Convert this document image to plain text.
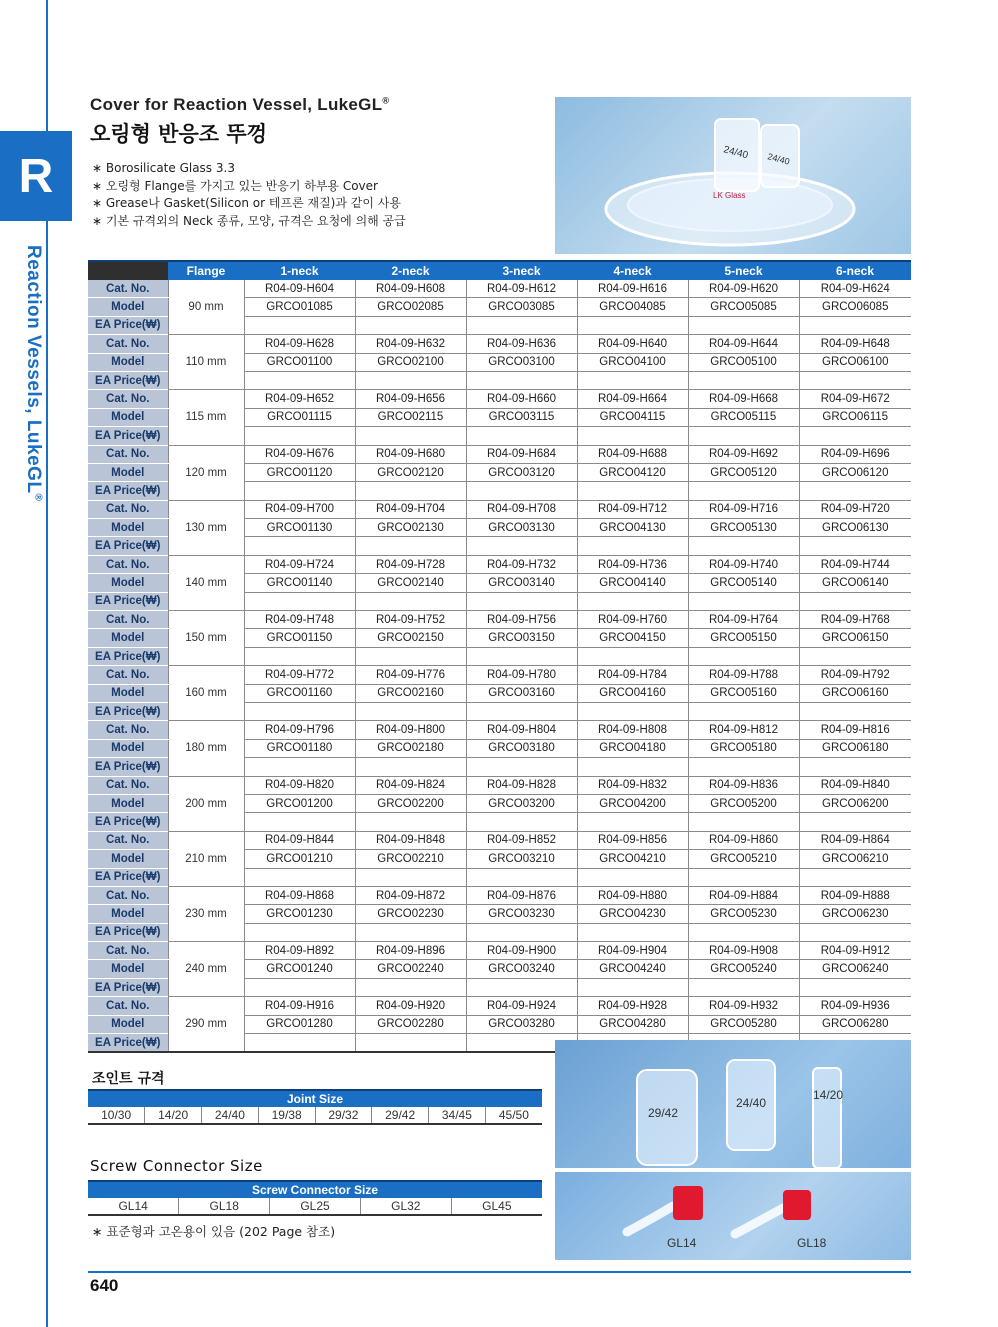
R
Reaction Vessels, LukeGL®
Cover for Reaction Vessel, LukeGL®
오링형 반응조 뚜껑
∗ Borosilicate Glass 3.3
∗ 오링형 Flange를 가지고 있는 반응기 하부용 Cover
∗ Grease나 Gasket(Silicon or 테프론 재질)과 같이 사용
∗ 기본 규격외의 Neck 종류, 모양, 규격은 요청에 의해 공급
24/40 24/40
LK Glass
	Flange	1-neck	2-neck	3-neck	4-neck	5-neck	6-neck
Cat. No.	90 mm	R04-09-H604	R04-09-H608	R04-09-H612	R04-09-H616	R04-09-H620	R04-09-H624
Model		GRCO01085	GRCO02085	GRCO03085	GRCO04085	GRCO05085	GRCO06085
EA Price(₩)							
Cat. No.	110 mm	R04-09-H628	R04-09-H632	R04-09-H636	R04-09-H640	R04-09-H644	R04-09-H648
Model		GRCO01100	GRCO02100	GRCO03100	GRCO04100	GRCO05100	GRCO06100
EA Price(₩)							
Cat. No.	115 mm	R04-09-H652	R04-09-H656	R04-09-H660	R04-09-H664	R04-09-H668	R04-09-H672
Model		GRCO01115	GRCO02115	GRCO03115	GRCO04115	GRCO05115	GRCO06115
EA Price(₩)							
Cat. No.	120 mm	R04-09-H676	R04-09-H680	R04-09-H684	R04-09-H688	R04-09-H692	R04-09-H696
Model		GRCO01120	GRCO02120	GRCO03120	GRCO04120	GRCO05120	GRCO06120
EA Price(₩)							
Cat. No.	130 mm	R04-09-H700	R04-09-H704	R04-09-H708	R04-09-H712	R04-09-H716	R04-09-H720
Model		GRCO01130	GRCO02130	GRCO03130	GRCO04130	GRCO05130	GRCO06130
EA Price(₩)							
Cat. No.	140 mm	R04-09-H724	R04-09-H728	R04-09-H732	R04-09-H736	R04-09-H740	R04-09-H744
Model		GRCO01140	GRCO02140	GRCO03140	GRCO04140	GRCO05140	GRCO06140
EA Price(₩)							
Cat. No.	150 mm	R04-09-H748	R04-09-H752	R04-09-H756	R04-09-H760	R04-09-H764	R04-09-H768
Model		GRCO01150	GRCO02150	GRCO03150	GRCO04150	GRCO05150	GRCO06150
EA Price(₩)							
Cat. No.	160 mm	R04-09-H772	R04-09-H776	R04-09-H780	R04-09-H784	R04-09-H788	R04-09-H792
Model		GRCO01160	GRCO02160	GRCO03160	GRCO04160	GRCO05160	GRCO06160
EA Price(₩)							
Cat. No.	180 mm	R04-09-H796	R04-09-H800	R04-09-H804	R04-09-H808	R04-09-H812	R04-09-H816
Model		GRCO01180	GRCO02180	GRCO03180	GRCO04180	GRCO05180	GRCO06180
EA Price(₩)							
Cat. No.	200 mm	R04-09-H820	R04-09-H824	R04-09-H828	R04-09-H832	R04-09-H836	R04-09-H840
Model		GRCO01200	GRCO02200	GRCO03200	GRCO04200	GRCO05200	GRCO06200
EA Price(₩)							
Cat. No.	210 mm	R04-09-H844	R04-09-H848	R04-09-H852	R04-09-H856	R04-09-H860	R04-09-H864
Model		GRCO01210	GRCO02210	GRCO03210	GRCO04210	GRCO05210	GRCO06210
EA Price(₩)							
Cat. No.	230 mm	R04-09-H868	R04-09-H872	R04-09-H876	R04-09-H880	R04-09-H884	R04-09-H888
Model		GRCO01230	GRCO02230	GRCO03230	GRCO04230	GRCO05230	GRCO06230
EA Price(₩)							
Cat. No.	240 mm	R04-09-H892	R04-09-H896	R04-09-H900	R04-09-H904	R04-09-H908	R04-09-H912
Model		GRCO01240	GRCO02240	GRCO03240	GRCO04240	GRCO05240	GRCO06240
EA Price(₩)							
Cat. No.	290 mm	R04-09-H916	R04-09-H920	R04-09-H924	R04-09-H928	R04-09-H932	R04-09-H936
Model		GRCO01280	GRCO02280	GRCO03280	GRCO04280	GRCO05280	GRCO06280
EA Price(₩)							
조인트 규격
Joint Size
10/30	14/20	24/40	19/38	29/32	29/42	34/45	45/50
Screw Connector Size
Screw Connector Size
GL14	GL18	GL25	GL32	GL45
∗ 표준형과 고온용이 있음 (202 Page 참조)
29/42
24/40
14/20
GL14	GL18
640
